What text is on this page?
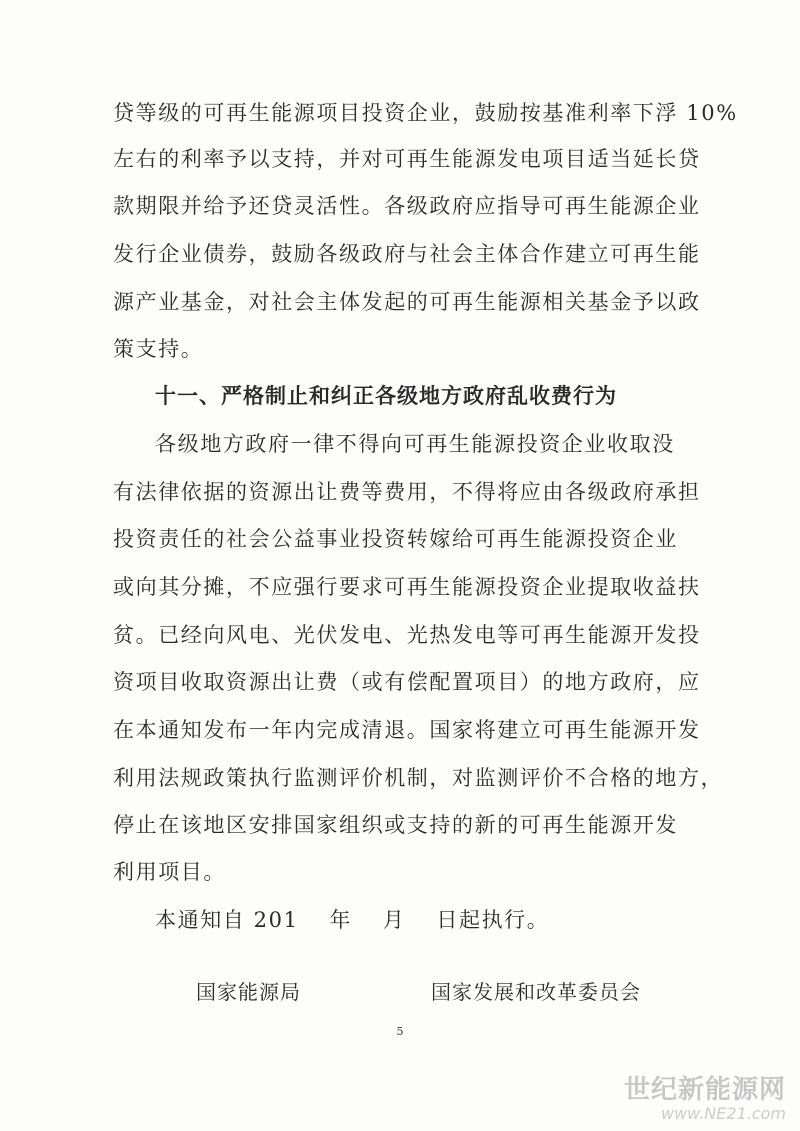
贷等级的可再生能源项目投资企业，鼓励按基准利率下浮 10%
左右的利率予以支持，并对可再生能源发电项目适当延长贷
款期限并给予还贷灵活性。各级政府应指导可再生能源企业
发行企业债券，鼓励各级政府与社会主体合作建立可再生能
源产业基金，对社会主体发起的可再生能源相关基金予以政
策支持。
十一、严格制止和纠正各级地方政府乱收费行为
各级地方政府一律不得向可再生能源投资企业收取没
有法律依据的资源出让费等费用，不得将应由各级政府承担
投资责任的社会公益事业投资转嫁给可再生能源投资企业
或向其分摊，不应强行要求可再生能源投资企业提取收益扶
贫。已经向风电、光伏发电、光热发电等可再生能源开发投
资项目收取资源出让费（或有偿配置项目）的地方政府，应
在本通知发布一年内完成清退。国家将建立可再生能源开发
利用法规政策执行监测评价机制，对监测评价不合格的地方，
停止在该地区安排国家组织或支持的新的可再生能源开发
利用项目。
本通知自 201　 年　 月　 日起执行。
国家能源局	国家发展和改革委员会
5
世纪新能源网
www.NE21.com
